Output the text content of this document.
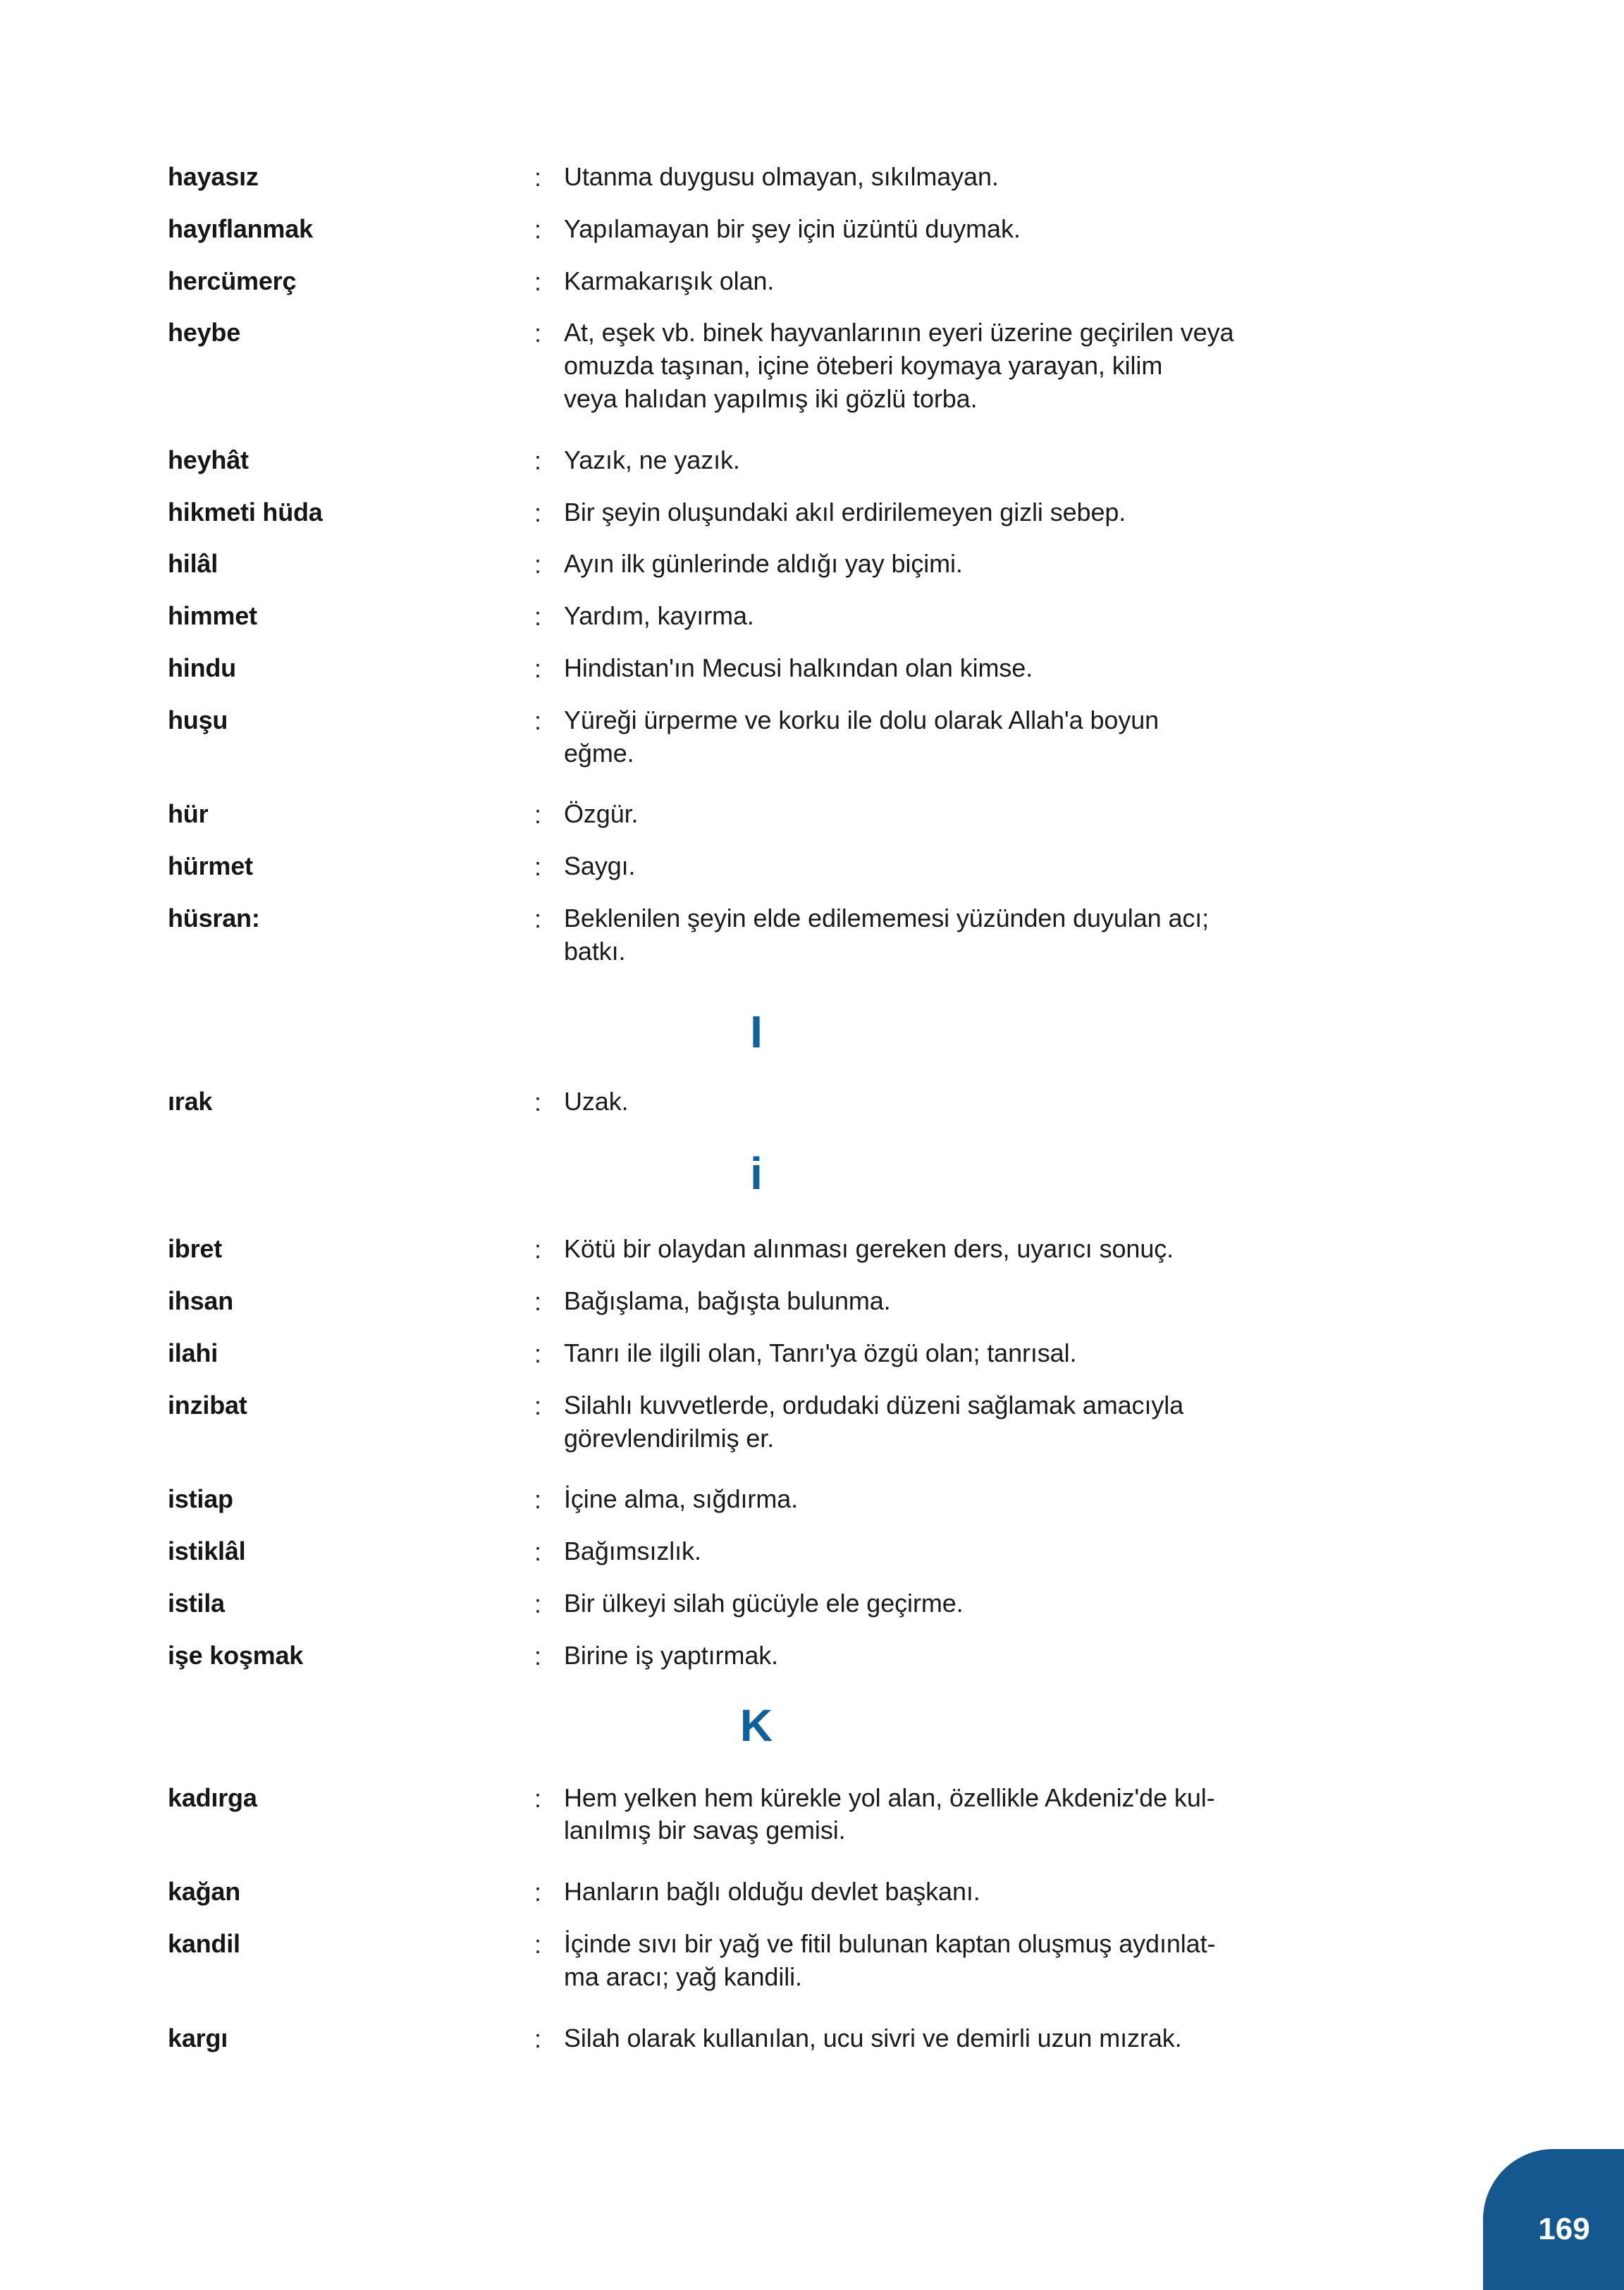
hayasız	: Utanma duygusu olmayan, sıkılmayan.
hayıflanmak	: Yapılamayan bir şey için üzüntü duymak.
hercümerç	: Karmakarışık olan.
heybe	: At, eşek vb. binek hayvanlarının eyeri üzerine geçirilen veya
omuzda taşınan, içine öteberi koymaya yarayan, kilim
veya halıdan yapılmış iki gözlü torba.
heyhât	: Yazık, ne yazık.
hikmeti hüda	: Bir şeyin oluşundaki akıl erdirilemeyen gizli sebep.
hilâl	: Ayın ilk günlerinde aldığı yay biçimi.
himmet	: Yardım, kayırma.
hindu	: Hindistan'ın Mecusi halkından olan kimse.
huşu	: Yüreği ürperme ve korku ile dolu olarak Allah'a boyun
eğme.
hür	: Özgür.
hürmet	: Saygı.
hüsran:	: Beklenilen şeyin elde edilememesi yüzünden duyulan acı;
batkı.
I
ırak	: Uzak.
i
ibret	: Kötü bir olaydan alınması gereken ders, uyarıcı sonuç.
ihsan	: Bağışlama, bağışta bulunma.
ilahi	: Tanrı ile ilgili olan, Tanrı'ya özgü olan; tanrısal.
inzibat	: Silahlı kuvvetlerde, ordudaki düzeni sağlamak amacıyla
görevlendirilmiş er.
istiap	: İçine alma, sığdırma.
istiklâl	: Bağımsızlık.
istila	: Bir ülkeyi silah gücüyle ele geçirme.
işe koşmak	: Birine iş yaptırmak.
K
kadırga	: Hem yelken hem kürekle yol alan, özellikle Akdeniz'de kul-
lanılmış bir savaş gemisi.
kağan	: Hanların bağlı olduğu devlet başkanı.
kandil	: İçinde sıvı bir yağ ve fitil bulunan kaptan oluşmuş aydınlat-
ma aracı; yağ kandili.
kargı	: Silah olarak kullanılan, ucu sivri ve demirli uzun mızrak.
169
